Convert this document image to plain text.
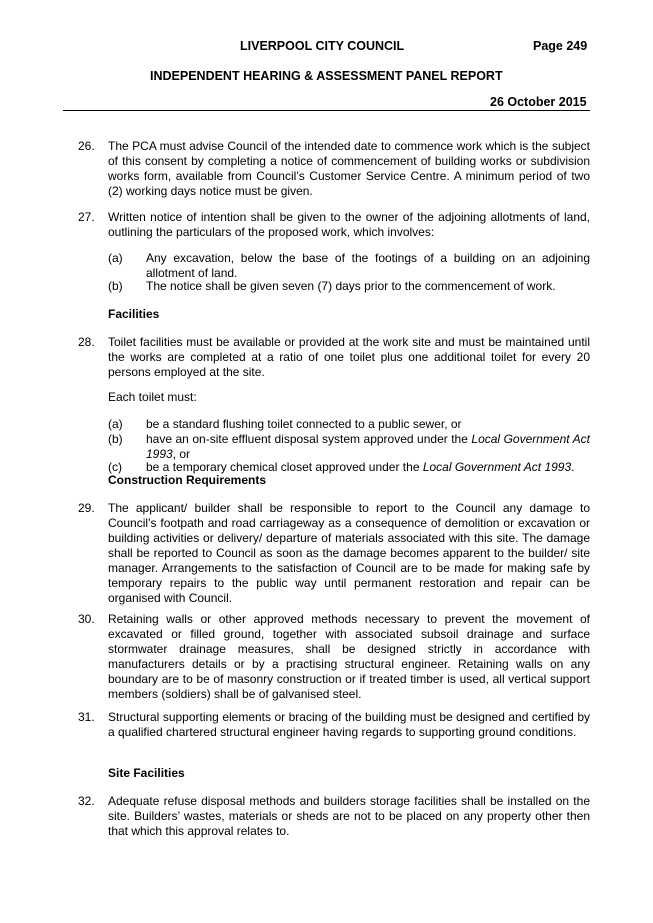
LIVERPOOL CITY COUNCIL	Page 249
INDEPENDENT HEARING & ASSESSMENT PANEL REPORT
26 October 2015
26.	The PCA must advise Council of the intended date to commence work which is the subject of this consent by completing a notice of commencement of building works or subdivision works form, available from Council’s Customer Service Centre. A minimum period of two (2) working days notice must be given.
27.	Written notice of intention shall be given to the owner of the adjoining allotments of land, outlining the particulars of the proposed work, which involves:
(a)	Any excavation, below the base of the footings of a building on an adjoining allotment of land.
(b)	The notice shall be given seven (7) days prior to the commencement of work.
Facilities
28.	Toilet facilities must be available or provided at the work site and must be maintained until the works are completed at a ratio of one toilet plus one additional toilet for every 20 persons employed at the site.
Each toilet must:
(a)	be a standard flushing toilet connected to a public sewer, or
(b)	have an on-site effluent disposal system approved under the Local Government Act 1993, or
(c)	be a temporary chemical closet approved under the Local Government Act 1993.
Construction Requirements
29.	The applicant/ builder shall be responsible to report to the Council any damage to Council’s footpath and road carriageway as a consequence of demolition or excavation or building activities or delivery/ departure of materials associated with this site. The damage shall be reported to Council as soon as the damage becomes apparent to the builder/ site manager. Arrangements to the satisfaction of Council are to be made for making safe by temporary repairs to the public way until permanent restoration and repair can be organised with Council.
30.	Retaining walls or other approved methods necessary to prevent the movement of excavated or filled ground, together with associated subsoil drainage and surface stormwater drainage measures, shall be designed strictly in accordance with manufacturers details or by a practising structural engineer. Retaining walls on any boundary are to be of masonry construction or if treated timber is used, all vertical support members (soldiers) shall be of galvanised steel.
31.	Structural supporting elements or bracing of the building must be designed and certified by a qualified chartered structural engineer having regards to supporting ground conditions.
Site Facilities
32.	Adequate refuse disposal methods and builders storage facilities shall be installed on the site. Builders’ wastes, materials or sheds are not to be placed on any property other then that which this approval relates to.
